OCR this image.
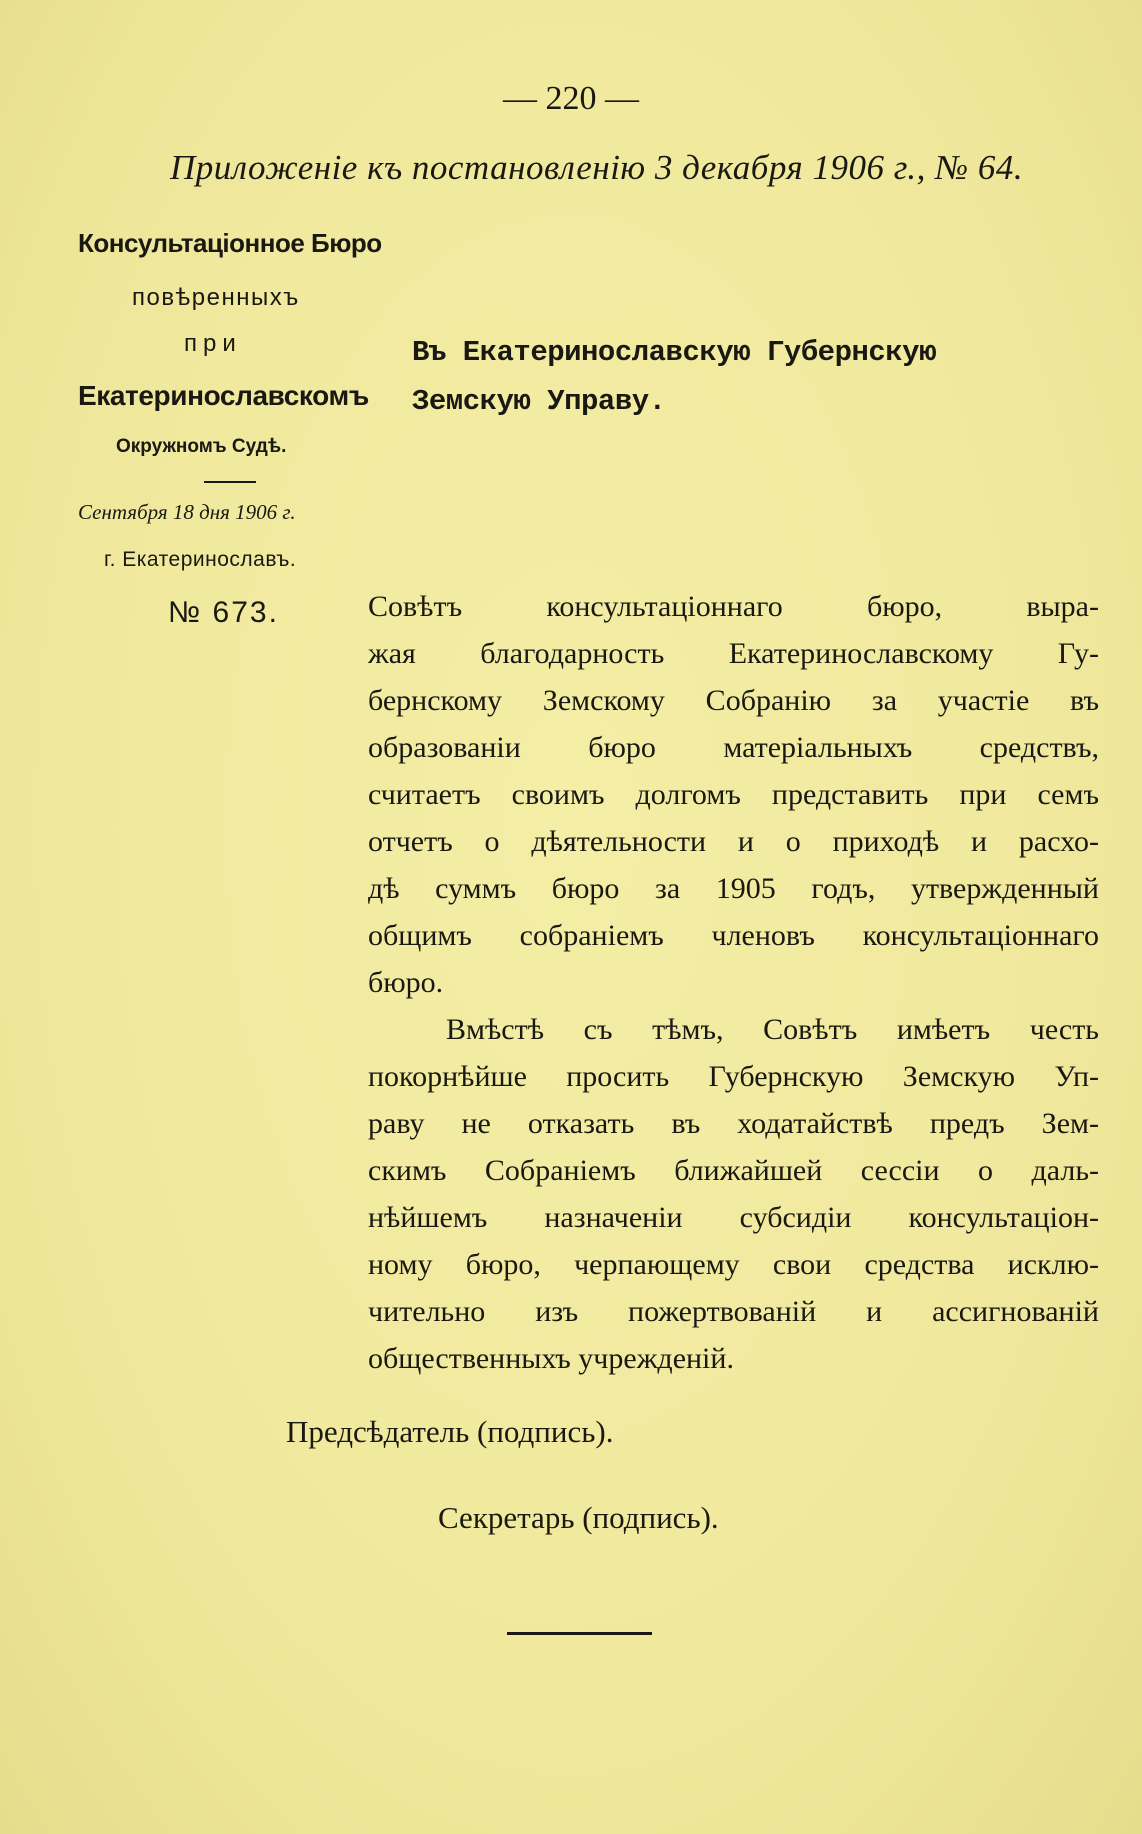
— 220 —
Приложенiе къ постановленiю 3 декабря 1906 г., № 64.
Консультацiонное Бюро
повѣренныхъ
при
Екатеринославскомъ
Окружномъ Судѣ.
Сентября 18 дня 1906 г.
г. Екатеринославъ.
Въ Екатеринославскую Губернскую
Земскую Управу.
№ 673.	Совѣтъ консультацiоннаго бюро, выра-
жая благодарность Екатеринославскому Гу-
бернскому Земскому Собранiю за участiе въ
образованiи бюро матерiальныхъ средствъ,
считаетъ своимъ долгомъ представить при семъ
отчетъ о дѣятельности и о приходѣ и расхо-
дѣ суммъ бюро за 1905 годъ, утвержденный
общимъ собранiемъ членовъ консультацiоннаго
бюро.
Вмѣстѣ съ тѣмъ, Совѣтъ имѣетъ честь
покорнѣйше просить Губернскую Земскую Уп-
раву не отказать въ ходатайствѣ предъ Зем-
скимъ Собранiемъ ближайшей сессiи о даль-
нѣйшемъ назначенiи субсидiи консультацiон-
ному бюро, черпающему свои средства исклю-
чительно изъ пожертвованiй и ассигнованiй
общественныхъ учрежденiй.
Предсѣдатель (подпись).
Секретарь (подпись).
